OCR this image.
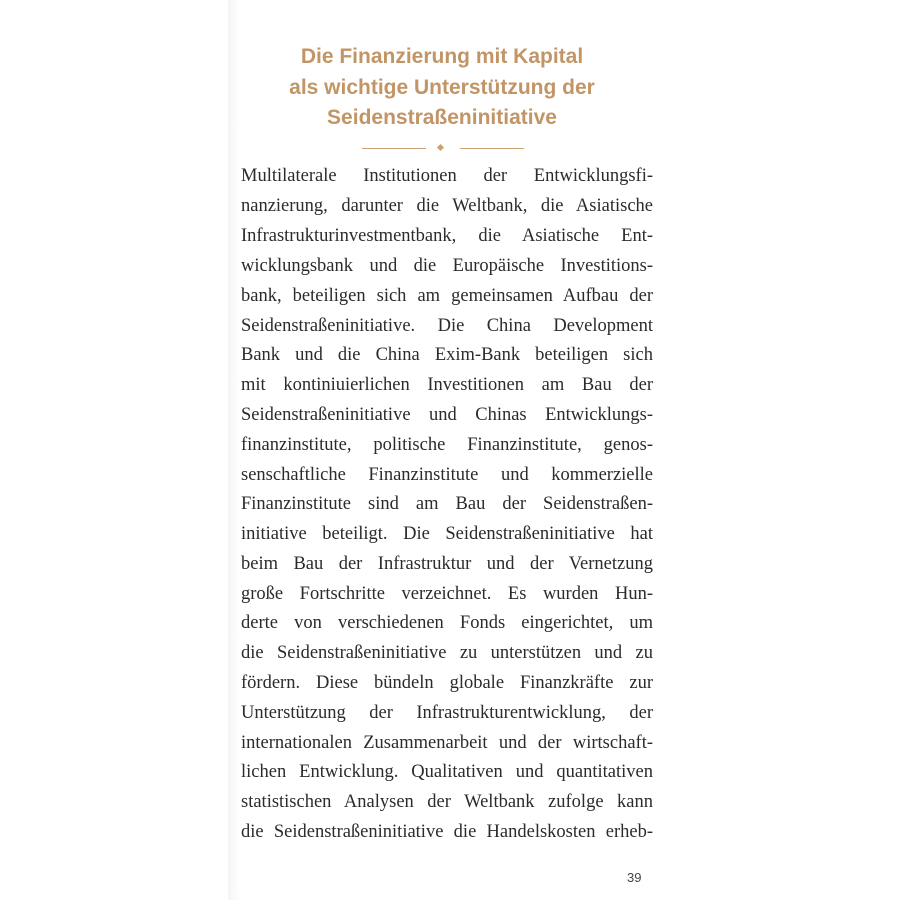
Die Finanzierung mit Kapital
als wichtige Unterstützung der
Seidenstraßeninitiative
Multilaterale Institutionen der Entwicklungsfi-
nanzierung, darunter die Weltbank, die Asiatische
Infrastrukturinvestmentbank, die Asiatische Ent-
wicklungsbank und die Europäische Investitions-
bank, beteiligen sich am gemeinsamen Aufbau der
Seidenstraßeninitiative. Die China Development
Bank und die China Exim-Bank beteiligen sich
mit kontiniuierlichen Investitionen am Bau der
Seidenstraßeninitiative und Chinas Entwicklungs-
finanzinstitute, politische Finanzinstitute, genos-
senschaftliche Finanzinstitute und kommerzielle
Finanzinstitute sind am Bau der Seidenstraßen-
initiative beteiligt. Die Seidenstraßeninitiative hat
beim Bau der Infrastruktur und der Vernetzung
große Fortschritte verzeichnet. Es wurden Hun-
derte von verschiedenen Fonds eingerichtet, um
die Seidenstraßeninitiative zu unterstützen und zu
fördern. Diese bündeln globale Finanzkräfte zur
Unterstützung der Infrastrukturentwicklung, der
internationalen Zusammenarbeit und der wirtschaft-
lichen Entwicklung. Qualitativen und quantitativen
statistischen Analysen der Weltbank zufolge kann
die Seidenstraßeninitiative die Handelskosten erheb-
39
